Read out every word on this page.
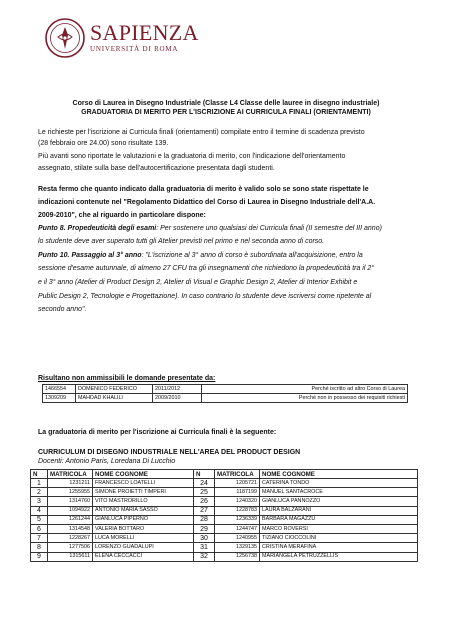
SAPIENZA
UNIVERSITÀ DI ROMA
Corso di Laurea in Disegno Industriale (Classe L4 Classe delle lauree in disegno industriale)
GRADUATORIA DI MERITO PER L'ISCRIZIONE AI CURRICULA FINALI (ORIENTAMENTI)
Le richieste per l'iscrizione ai Curricula finali (orientamenti) compilate entro il termine di scadenza previsto
(28 febbraio ore 24.00) sono risultate 139.
Più avanti sono riportate le valutazioni e la graduatoria di merito, con l'indicazione dell'orientamento
assegnato, stilate sulla base dell'autocertificazione presentata dagli studenti.
Resta fermo che quanto indicato dalla graduatoria di merito è valido solo se sono state rispettate le
indicazioni contenute nel "Regolamento Didattico del Corso di Laurea in Disegno Industriale dell'A.A.
2009-2010", che al riguardo in particolare dispone:
Punto 8. Propedeuticità degli esami: Per sostenere uno qualsiasi dei Curricula finali (II semestre del III anno)
lo studente deve aver superato tutti gli Atelier previsti nel primo e nel seconda anno di corso.
Punto 10. Passaggio al 3° anno: "L'iscrizione al 3° anno di corso è subordinata all'acquisizione, entro la
sessione d'esame autunnale, di almeno 27 CFU tra gli insegnamenti che richiedono la propedeuticità tra il 2°
e il 3° anno (Atelier di Product Design 2, Atelier di Visual e Graphic Design 2, Atelier di Interior Exhibit e
Public Design 2, Tecnologie e Progettazione). In caso contrario lo studente deve iscriversi come ripetente al
secondo anno".
Risultano non ammissibili le domande presentate da:
1466554	DOMENICO FEDERICO	2011/2012	Perché iscritto ad altro Corso di Laurea
1309209	MAHDAD KHALILI	2009/2010	Perché non in possesso dei requisiti richiesti
La graduatoria di merito per l'iscrizione ai Curricula finali è la seguente:
CURRICULUM DI DISEGNO INDUSTRIALE NELL'AREA DEL PRODUCT DESIGN
Docenti: Antonio Paris, Loredana Di Lucchio
N	MATRICOLA	NOME COGNOME	N	MATRICOLA	NOME COGNOME
1	1231211	FRANCESCO LOATELLI	24	1205721	CATERINA TONDO
2	1255955	SIMONE PROIETTI TIMPERI	25	1187199	MANUEL SANTACROCE
3	1314760	VITO MASTRORILLO	26	1240320	GIANLUCA PANNOZZO
4	1094922	ANTONIO MARIA SASSO	27	1228783	LAURA BALZARANI
5	1261244	GIANLUCA PIPERNO	28	1236339	BARBARA MAGAZZÙ
6	1314548	VALERIA BOTTARO	29	1244747	MARCO ROVERSI
7	1228267	LUCA MORELLI	30	1240955	TIZIANO CIOCCOLINI
8	1277506	LORENZO GUADALUPI	31	1329135	CRISTINA MERAFINA
9	1315611	ELENA CECCACCI	32	1256738	MARIANGELA PETRUZZELLIS
